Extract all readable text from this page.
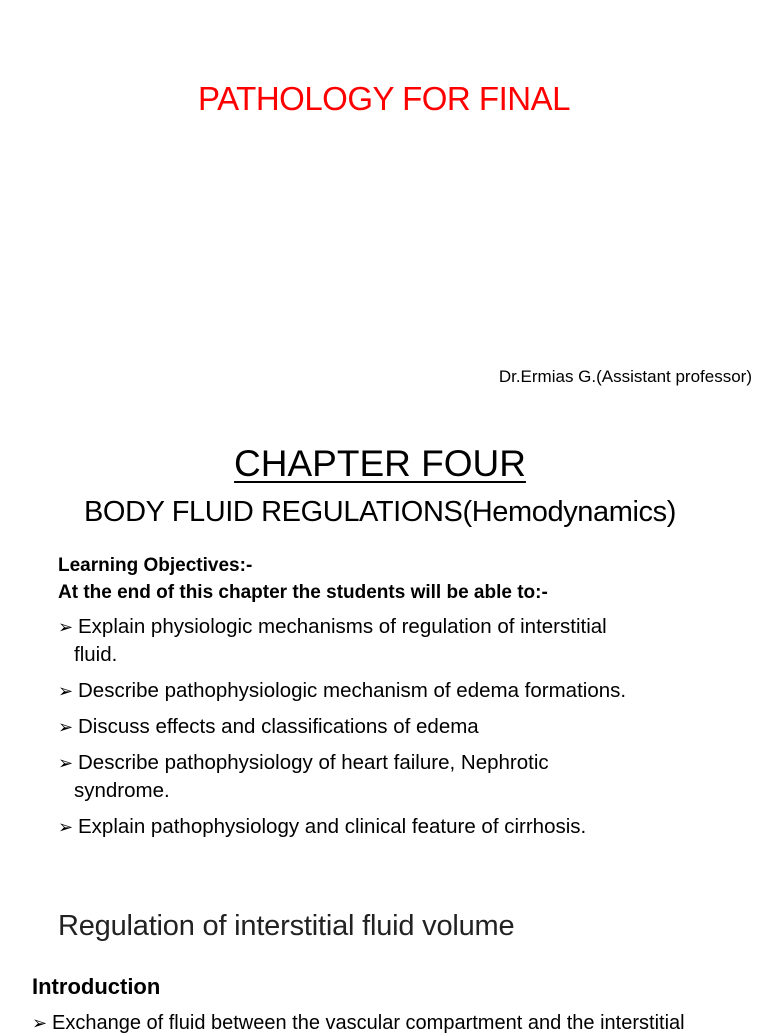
PATHOLOGY FOR FINAL

Dr.Ermias G.(Assistant professor)

CHAPTER FOUR
BODY FLUID REGULATIONS(Hemodynamics)
Learning Objectives:-
At the end of this chapter the students will be able to:-
➢ Explain physiologic mechanisms of regulation of interstitial
fluid.
➢ Describe pathophysiologic mechanism of edema formations.
➢ Discuss effects and classifications of edema
➢ Describe pathophysiology of heart failure, Nephrotic
syndrome.
➢ Explain pathophysiology and clinical feature of cirrhosis.
Regulation of interstitial fluid volume
Introduction
➢ Exchange of fluid between the vascular compartment and the interstitial
